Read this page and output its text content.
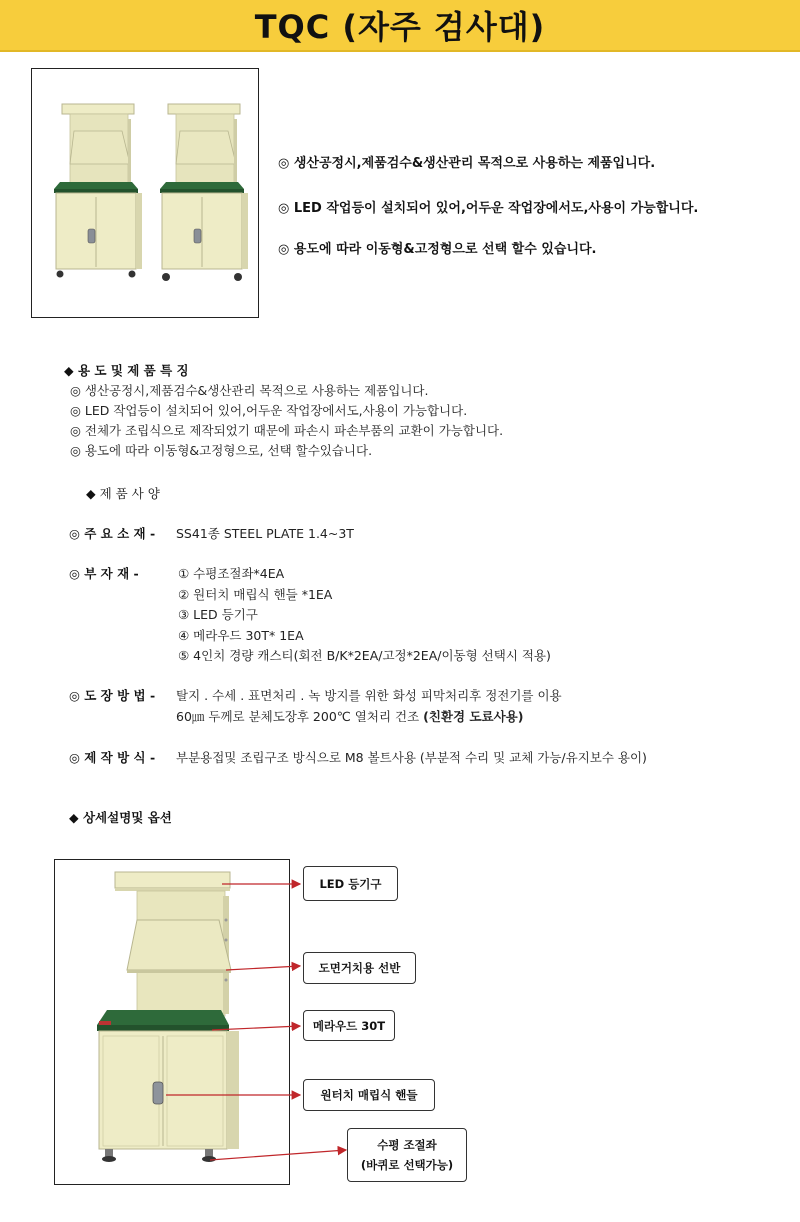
TQC (자주 검사대)
◎ 생산공정시,제품검수&생산관리 목적으로 사용하는 제품입니다.
◎ LED 작업등이 설치되어 있어,어두운 작업장에서도,사용이 가능합니다.
◎ 용도에 따라 이동형&고정형으로 선택 할수 있습니다.
◆ 용 도 및 제 품 특 징
◎ 생산공정시,제품검수&생산관리 목적으로 사용하는 제품입니다.
◎ LED 작업등이 설치되어 있어,어두운 작업장에서도,사용이 가능합니다.
◎ 전체가 조립식으로 제작되었기 때문에 파손시 파손부품의 교환이 가능합니다.
◎ 용도에 따라 이동형&고정형으로, 선택 할수있습니다.
◆ 제 품 사 양
◎ 주 요 소 재 - SS41종 STEEL PLATE 1.4~3T
◎ 부 자 재 -	① 수평조절좌*4EA
② 원터치 매립식 핸들 *1EA
③ LED 등기구
④ 메라우드 30T* 1EA
⑤ 4인치 경량 캐스티(회전 B/K*2EA/고정*2EA/이동형 선택시 적용)
◎ 도 장 방 법 - 탈지 . 수세 . 표면처리 . 녹 방지를 위한 화성 피막처리후 정전기를 이용
60㎛ 두께로 분체도장후 200℃ 열처리 건조 (친환경 도료사용)
◎ 제 작 방 식 - 부분용접및 조립구조 방식으로 M8 볼트사용 (부분적 수리 및 교체 가능/유지보수 용이)
◆ 상세설명및 옵션
LED 등기구
도면거치용 선반
메라우드 30T
원터치 매립식 핸들
수평 조절좌
(바퀴로 선택가능)
